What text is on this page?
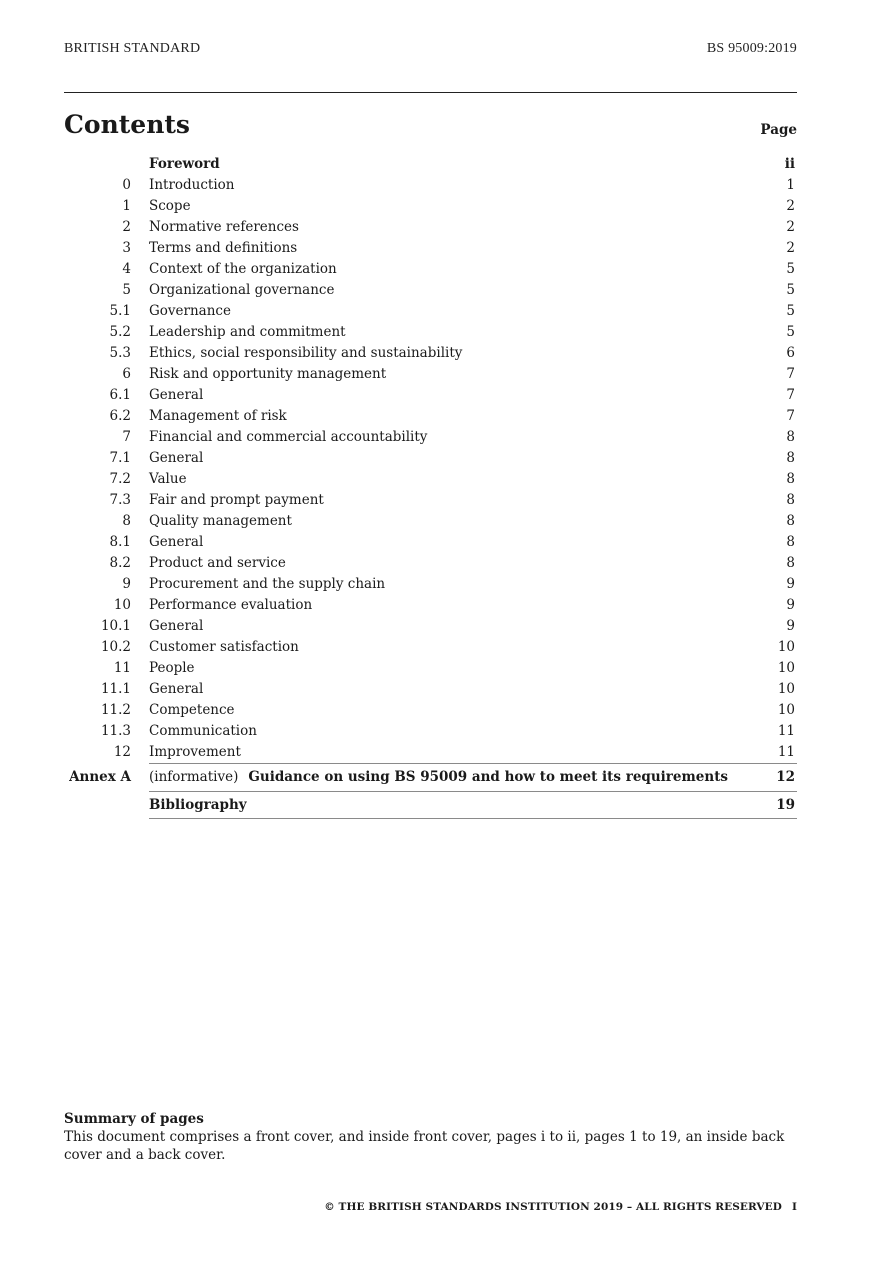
BRITISH STANDARD	BS 95009:2019
Contents	Page
Foreword	ii
0 Introduction	1
1 Scope	2
2 Normative references	2
3 Terms and definitions	2
4 Context of the organization	5
5 Organizational governance	5
5.1 Governance	5
5.2 Leadership and commitment	5
5.3 Ethics, social responsibility and sustainability	6
6 Risk and opportunity management	7
6.1 General	7
6.2 Management of risk	7
7 Financial and commercial accountability	8
7.1 General	8
7.2 Value	8
7.3 Fair and prompt payment	8
8 Quality management	8
8.1 General	8
8.2 Product and service	8
9 Procurement and the supply chain	9
10 Performance evaluation	9
10.1 General	9
10.2 Customer satisfaction	10
11 People	10
11.1 General	10
11.2 Competence	10
11.3 Communication	11
12 Improvement	11
Annex A (informative) Guidance on using BS 95009 and how to meet its requirements	12
Bibliography	19
Summary of pages
This document comprises a front cover, and inside front cover, pages i to ii, pages 1 to 19, an inside back cover and a back cover.
© THE BRITISH STANDARDS INSTITUTION 2019 – ALL RIGHTS RESERVED I
